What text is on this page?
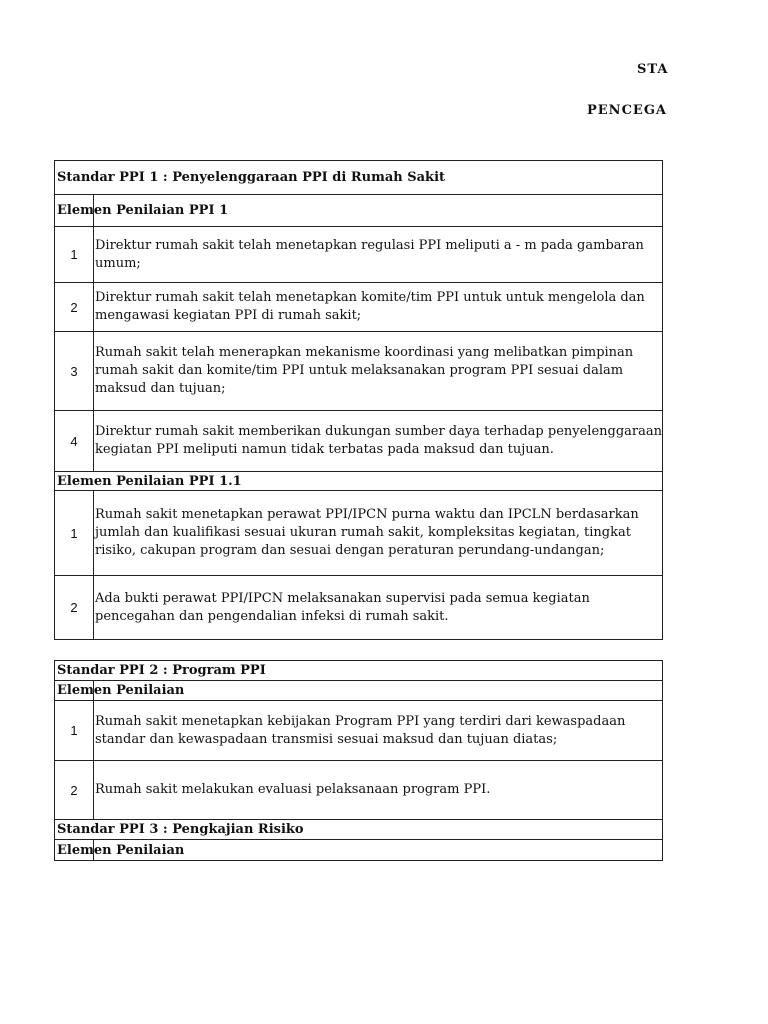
STA
PENCEGA
Standar PPI 1 : Penyelenggaraan PPI di Rumah Sakit
Elemen Penilaian PPI 1
1
Direktur rumah sakit telah menetapkan regulasi PPI meliputi a - m pada gambaran umum;
2
Direktur rumah sakit telah menetapkan komite/tim PPI untuk untuk mengelola dan mengawasi kegiatan PPI di rumah sakit;
3
Rumah sakit telah menerapkan mekanisme koordinasi yang melibatkan pimpinan rumah sakit dan komite/tim PPI untuk melaksanakan program PPI sesuai dalam maksud dan tujuan;
4
Direktur rumah sakit memberikan dukungan sumber daya terhadap penyelenggaraan kegiatan PPI meliputi namun tidak terbatas pada maksud dan tujuan.
Elemen Penilaian PPI 1.1
1
Rumah sakit menetapkan perawat PPI/IPCN purna waktu dan IPCLN berdasarkan jumlah dan kualifikasi sesuai ukuran rumah sakit, kompleksitas kegiatan, tingkat risiko, cakupan program dan sesuai dengan peraturan perundang-undangan;
2
Ada bukti perawat PPI/IPCN melaksanakan supervisi pada semua kegiatan pencegahan dan pengendalian infeksi di rumah sakit.
Standar PPI 2 : Program PPI
Elemen Penilaian
1
Rumah sakit menetapkan kebijakan Program PPI yang terdiri dari kewaspadaan standar dan kewaspadaan transmisi sesuai maksud dan tujuan diatas;
2	Rumah sakit melakukan evaluasi pelaksanaan program PPI.
Standar PPI 3 : Pengkajian Risiko
Elemen Penilaian
